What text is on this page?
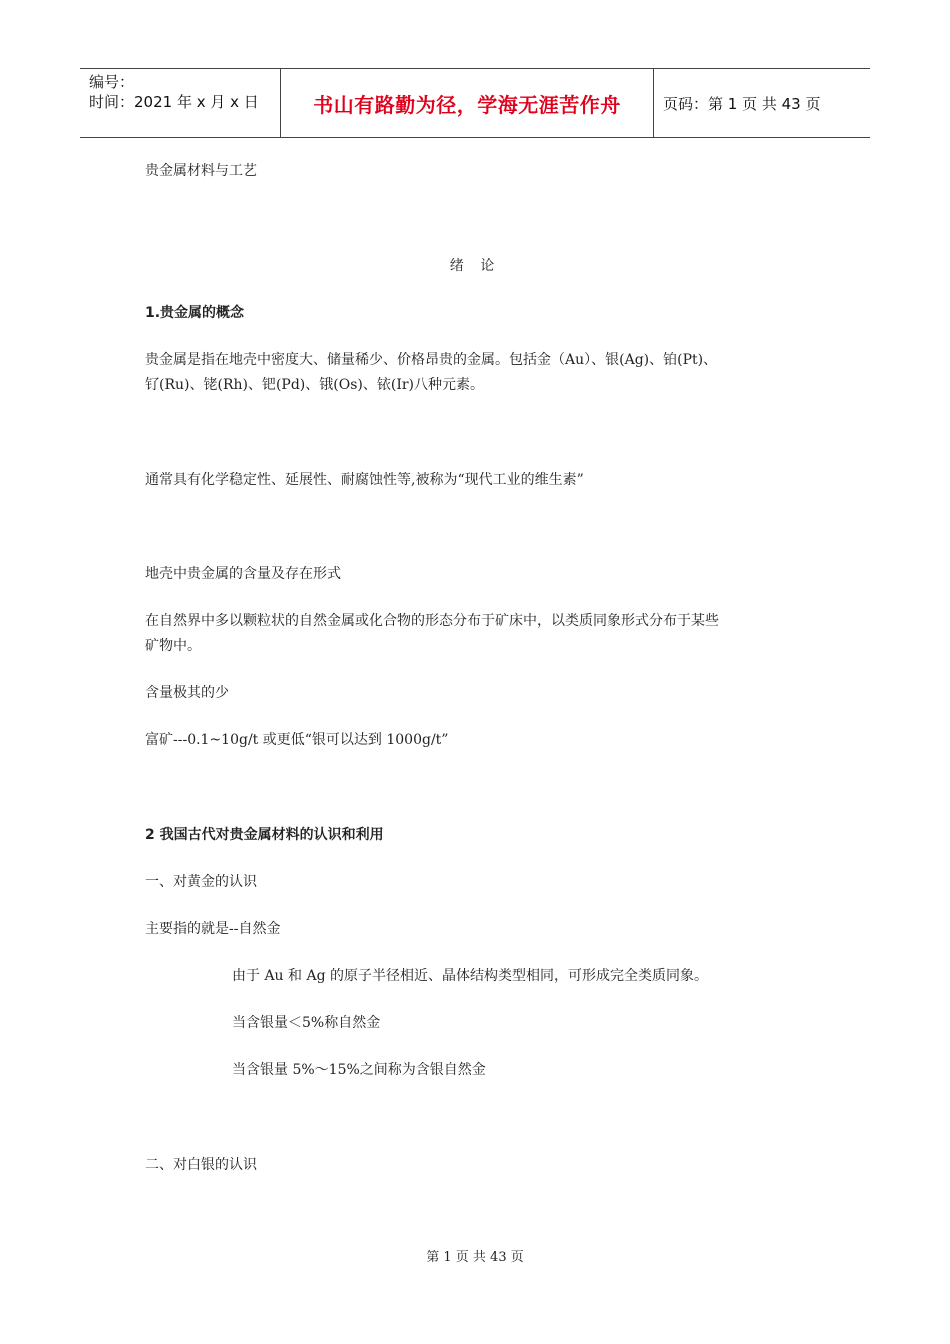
编号：
时间：2021 年 x 月 x 日	书山有路勤为径，学海无涯苦作舟	页码：第 1 页 共 43 页
贵金属材料与工艺
绪 论
1.贵金属的概念
贵金属是指在地壳中密度大、储量稀少、价格昂贵的金属。包括金（Au）、银(Ag)、铂(Pt)、
钌(Ru)、铑(Rh)、钯(Pd)、锇(Os)、铱(Ir)八种元素。
通常具有化学稳定性、延展性、耐腐蚀性等,被称为“现代工业的维生素”
地壳中贵金属的含量及存在形式
在自然界中多以颗粒状的自然金属或化合物的形态分布于矿床中，以类质同象形式分布于某些
矿物中。
含量极其的少
富矿---0.1~10g/t 或更低“银可以达到 1000g/t”
2 我国古代对贵金属材料的认识和利用
一、对黄金的认识
主要指的就是--自然金
由于 Au 和 Ag 的原子半径相近、晶体结构类型相同，可形成完全类质同象。
当含银量＜5%称自然金
当含银量 5%～15%之间称为含银自然金
二、对白银的认识
第 1 页 共 43 页
